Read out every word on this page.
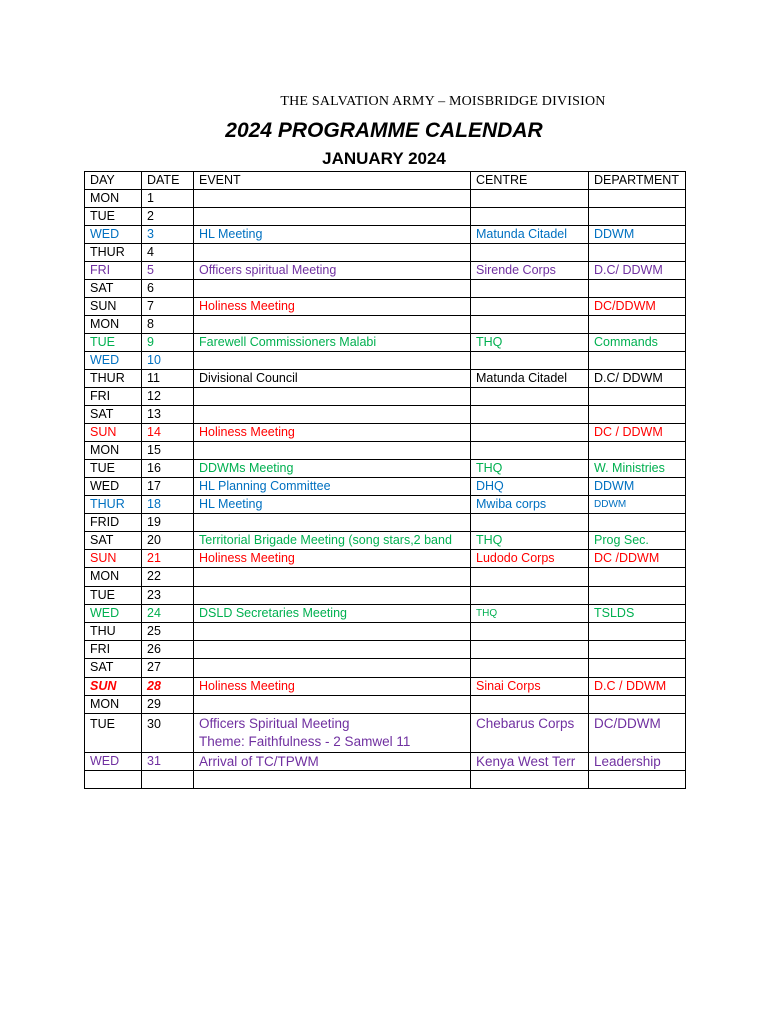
THE SALVATION ARMY – MOISBRIDGE DIVISION
2024 PROGRAMME CALENDAR
JANUARY 2024
DAY	DATE	EVENT	CENTRE	DEPARTMENT
MON	1	

TUE	2	

WED	3	HL Meeting	Matunda Citadel	DDWM
THUR	4	

FRI	5	Officers spiritual Meeting	Sirende Corps	D.C/ DDWM
SAT	6	

SUN	7	Holiness Meeting		DC/DDWM
MON	8	

TUE	9	Farewell Commissioners Malabi	THQ	Commands
WED	10	

THUR	11	Divisional Council	Matunda Citadel	D.C/ DDWM
FRI	12	

SAT	13	

SUN	14	Holiness Meeting		DC / DDWM
MON	15	

TUE	16	DDWMs Meeting	THQ	W. Ministries
WED	17	HL Planning Committee	DHQ	DDWM
THUR	18	HL Meeting	Mwiba corps	DDWM
FRID	19	

SAT	20	Territorial Brigade Meeting (song stars,2 band	THQ	Prog Sec.
SUN	21	Holiness Meeting	Ludodo Corps	DC /DDWM
MON	22	

TUE	23	

WED	24	DSLD Secretaries Meeting	THQ	TSLDS
THU	25	

FRI	26	

SAT	27	

SUN	28	Holiness Meeting	Sinai Corps	D.C / DDWM
MON	29	

TUE	30	Officers Spiritual Meeting
Theme: Faithfulness - 2 Samwel 11	Chebarus Corps	DC/DDWM
WED	31	Arrival of TC/TPWM	Kenya West Terr	Leadership
